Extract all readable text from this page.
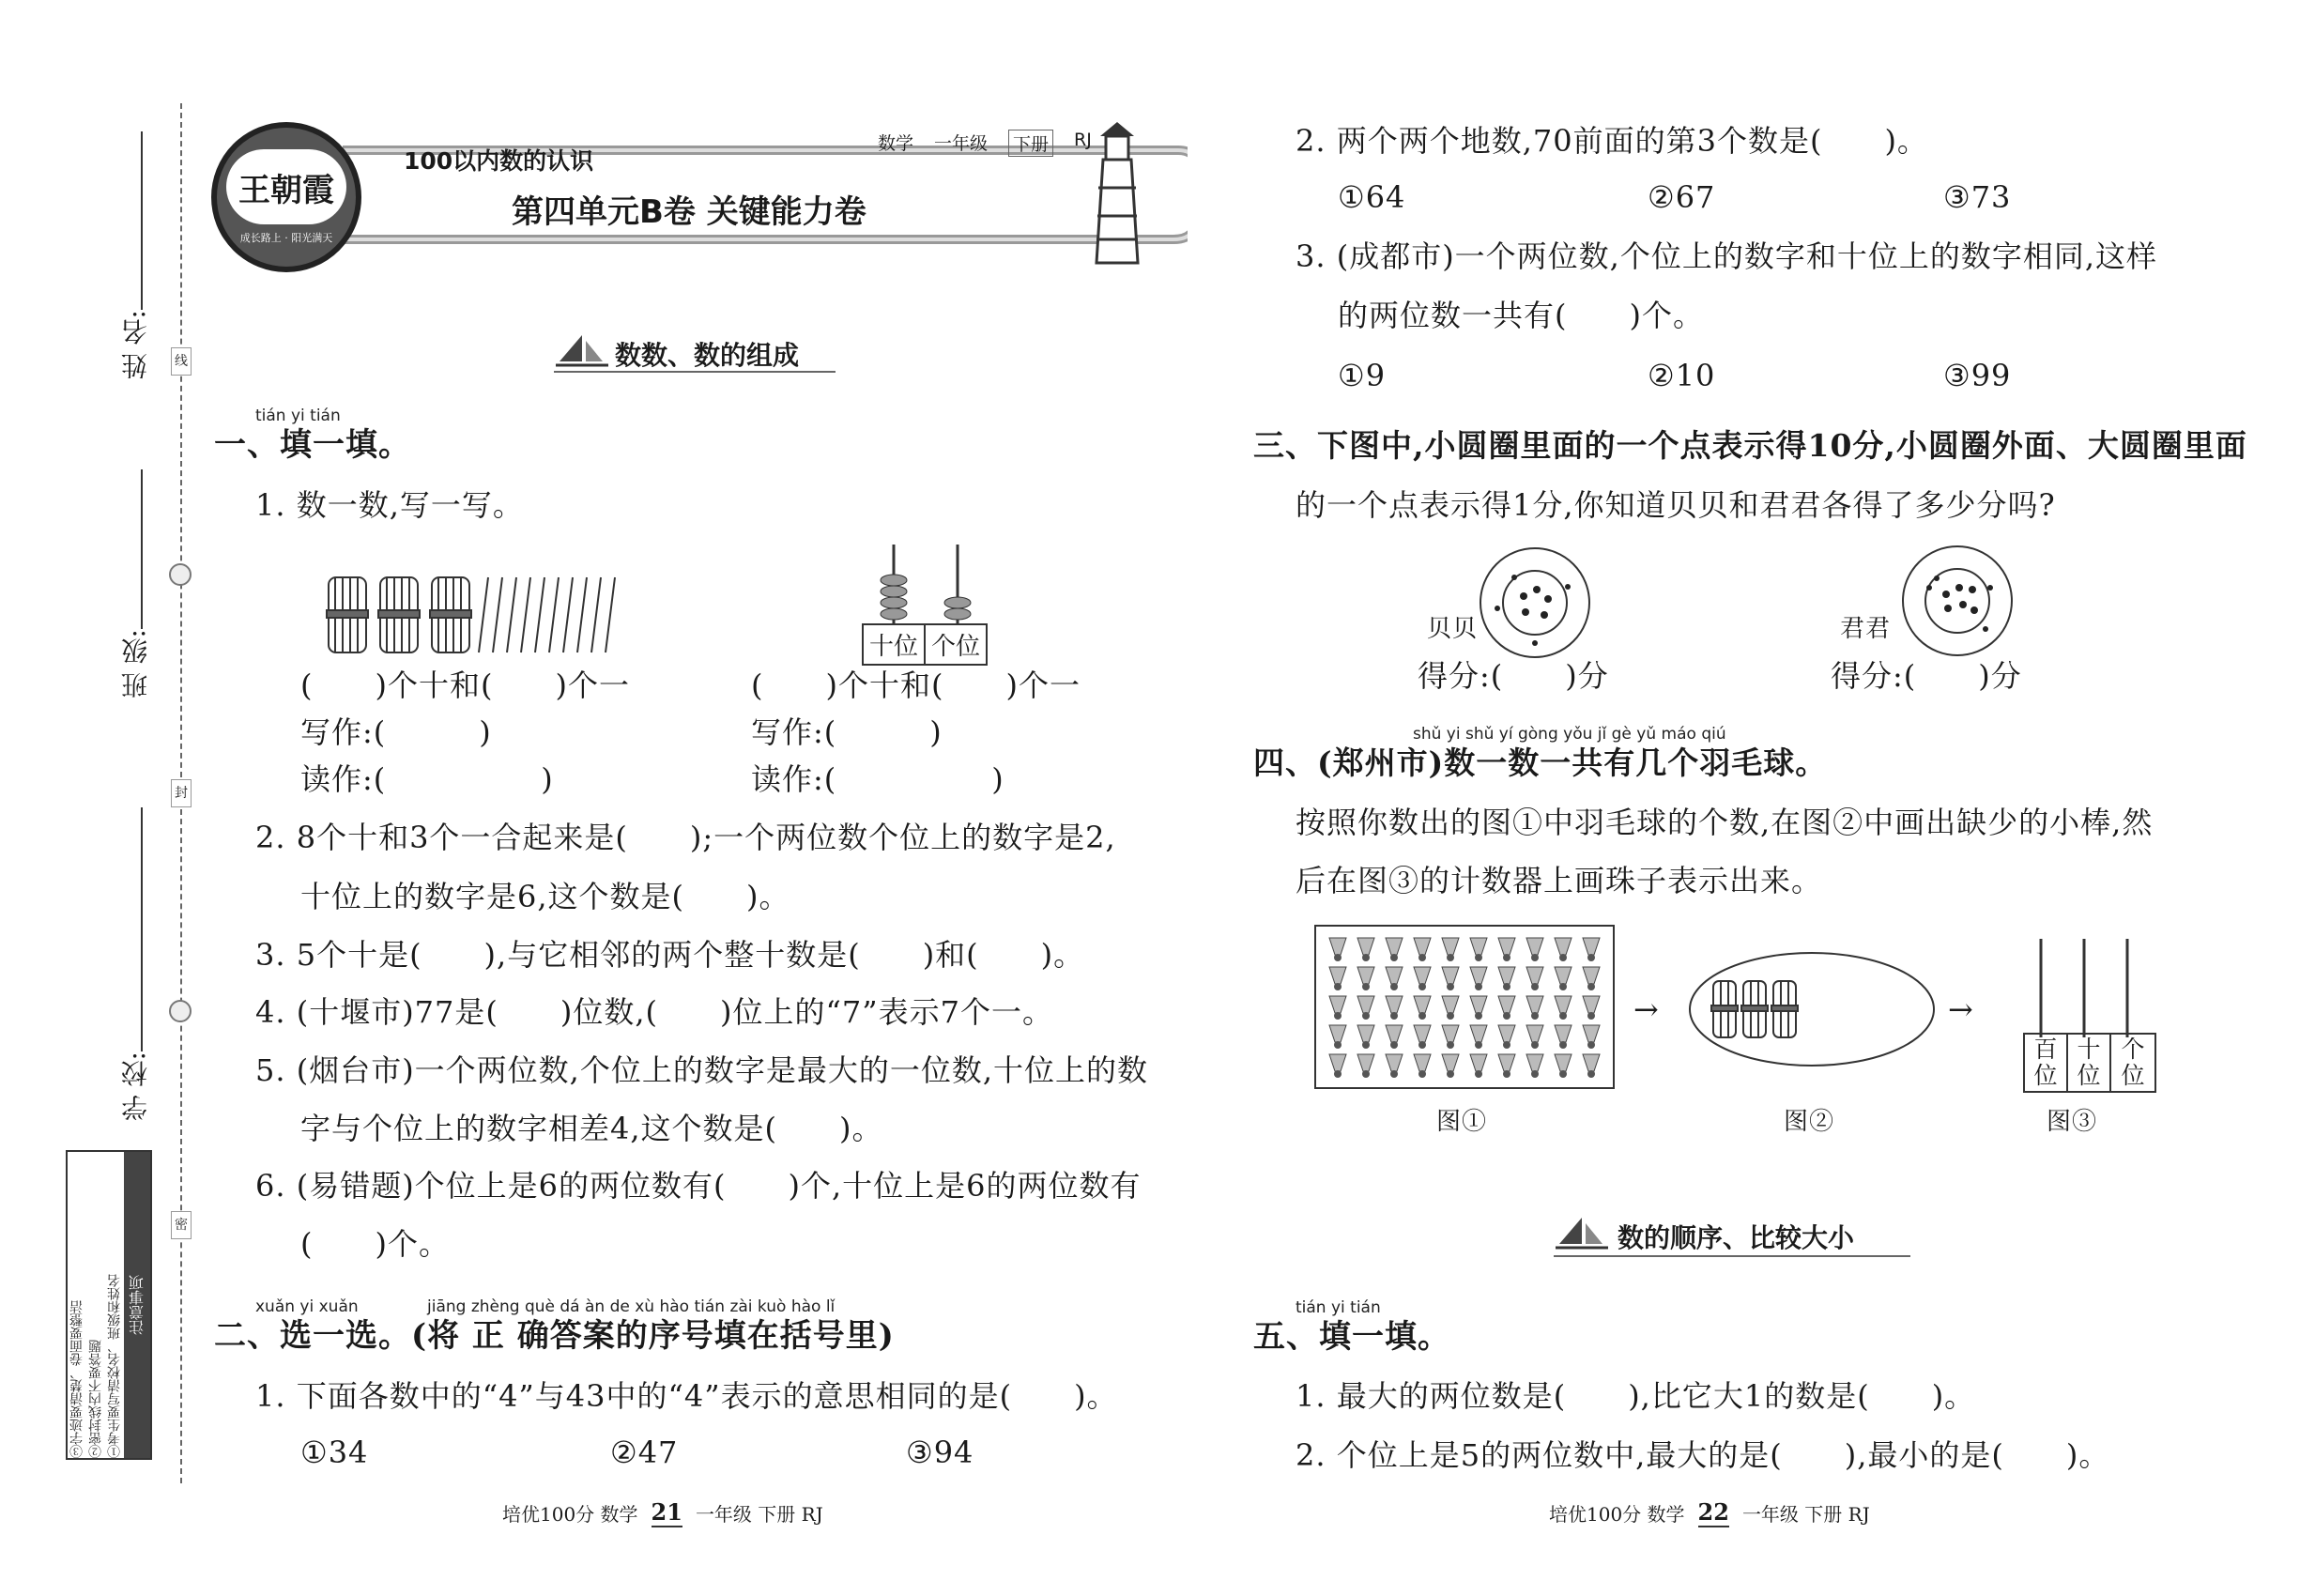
姓 名:
班 级:
学 校:
线
封
密
注意事项
①考生要写清校名、班级和姓名
②密封线内不要答题
③字迹要清楚、卷面要整洁
王朝霞
成长路上 · 阳光满天
100以内数的认识
数学 一年级 下册 RJ
第四单元B卷 关键能力卷
数数、数的组成
tián yi tián
一、填一填。
1. 数一数,写一写。
十位 个位
(　　)个十和(　　)个一
写作:(　　　)
读作:(　　　　　)
(　　)个十和(　　)个一
写作:(　　　)
读作:(　　　　　)
2. 8个十和3个一合起来是(　　);一个两位数个位上的数字是2,
十位上的数字是6,这个数是(　　)。
3. 5个十是(　　),与它相邻的两个整十数是(　　)和(　　)。
4. (十堰市)77是(　　)位数,(　　)位上的“7”表示7个一。
5. (烟台市)一个两位数,个位上的数字是最大的一位数,十位上的数
字与个位上的数字相差4,这个数是(　　)。
6. (易错题)个位上是6的两位数有(　　)个,十位上是6的两位数有
(　　)个。
xuǎn yi xuǎn	jiāng zhèng què dá àn de xù hào tián zài kuò hào lǐ
二、选一选。(将 正 确答案的序号填在括号里)
1. 下面各数中的“4”与43中的“4”表示的意思相同的是(　　)。
①34	②47	③94
培优100分 数学 21 一年级 下册 RJ
2. 两个两个地数,70前面的第3个数是(　　)。
①64	②67	③73
3. (成都市)一个两位数,个位上的数字和十位上的数字相同,这样
的两位数一共有(　　)个。
①9	②10	③99
三、下图中,小圆圈里面的一个点表示得10分,小圆圈外面、大圆圈里面
的一个点表示得1分,你知道贝贝和君君各得了多少分吗?
贝贝
得分:(　　)分
君君
得分:(　　)分
shǔ yi shǔ yí gòng yǒu jǐ gè yǔ máo qiú
四、(郑州市)数一数一共有几个羽毛球。
按照你数出的图①中羽毛球的个数,在图②中画出缺少的小棒,然
后在图③的计数器上画珠子表示出来。
→	→
百位
十位
个位
图①	图②	图③
数的顺序、比较大小
tián yi tián
五、填一填。
1. 最大的两位数是(　　),比它大1的数是(　　)。
2. 个位上是5的两位数中,最大的是(　　),最小的是(　　)。
培优100分 数学 22 一年级 下册 RJ
